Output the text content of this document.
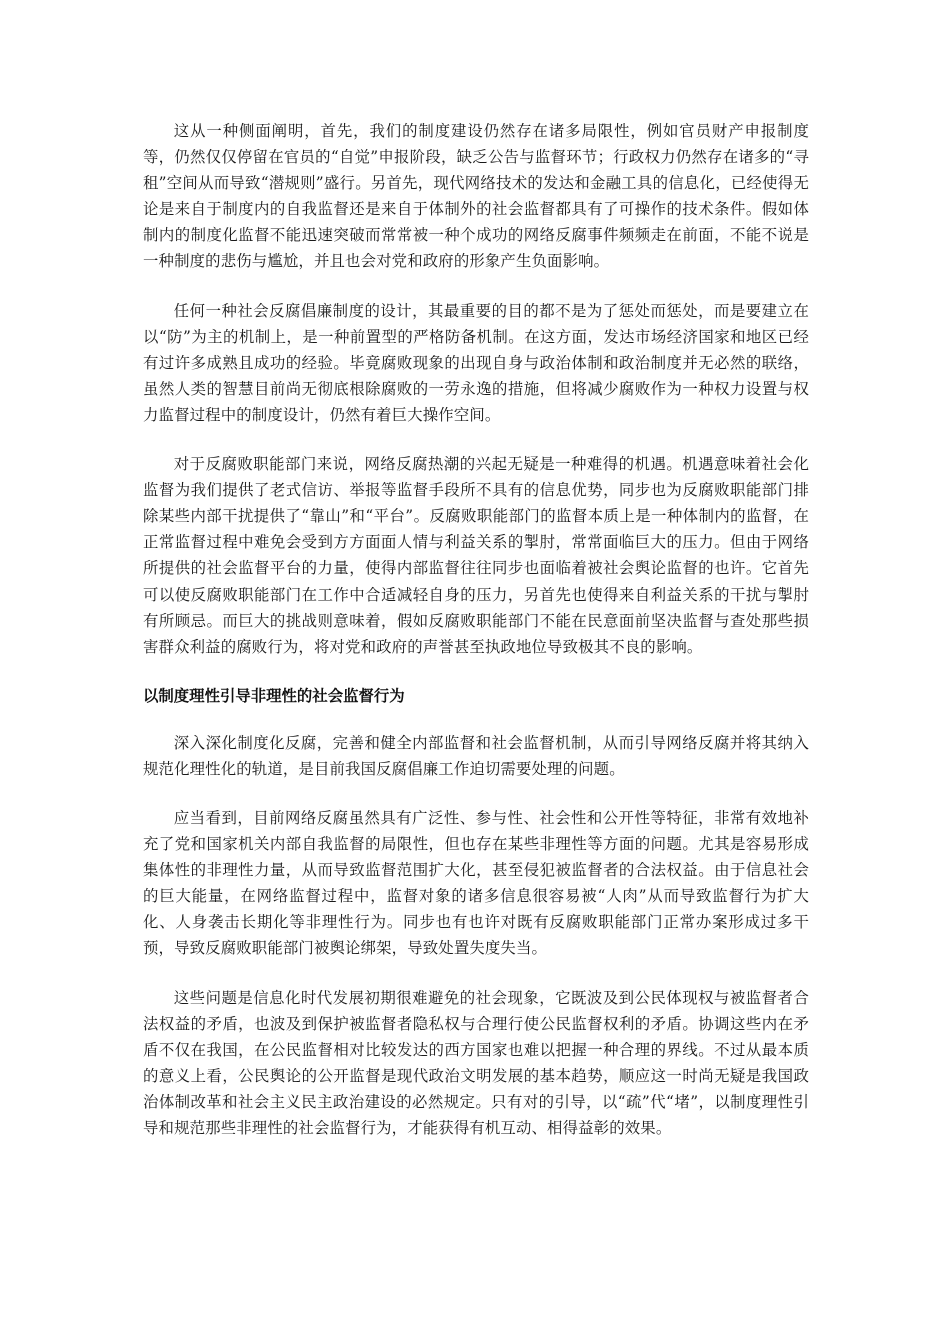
这从一种侧面阐明，首先，我们的制度建设仍然存在诸多局限性，例如官员财产申报制度等，仍然仅仅停留在官员的“自觉”申报阶段，缺乏公告与监督环节；行政权力仍然存在诸多的“寻租”空间从而导致“潜规则”盛行。另首先，现代网络技术的发达和金融工具的信息化，已经使得无论是来自于制度内的自我监督还是来自于体制外的社会监督都具有了可操作的技术条件。假如体制内的制度化监督不能迅速突破而常常被一种个成功的网络反腐事件频频走在前面，不能不说是一种制度的悲伤与尴尬，并且也会对党和政府的形象产生负面影响。

任何一种社会反腐倡廉制度的设计，其最重要的目的都不是为了惩处而惩处，而是要建立在以“防”为主的机制上，是一种前置型的严格防备机制。在这方面，发达市场经济国家和地区已经有过许多成熟且成功的经验。毕竟腐败现象的出现自身与政治体制和政治制度并无必然的联络，虽然人类的智慧目前尚无彻底根除腐败的一劳永逸的措施，但将减少腐败作为一种权力设置与权力监督过程中的制度设计，仍然有着巨大操作空间。

对于反腐败职能部门来说，网络反腐热潮的兴起无疑是一种难得的机遇。机遇意味着社会化监督为我们提供了老式信访、举报等监督手段所不具有的信息优势，同步也为反腐败职能部门排除某些内部干扰提供了“靠山”和“平台”。反腐败职能部门的监督本质上是一种体制内的监督，在正常监督过程中难免会受到方方面面人情与利益关系的掣肘，常常面临巨大的压力。但由于网络所提供的社会监督平台的力量，使得内部监督往往同步也面临着被社会舆论监督的也许。它首先可以使反腐败职能部门在工作中合适减轻自身的压力，另首先也使得来自利益关系的干扰与掣肘有所顾忌。而巨大的挑战则意味着，假如反腐败职能部门不能在民意面前坚决监督与查处那些损害群众利益的腐败行为，将对党和政府的声誉甚至执政地位导致极其不良的影响。

以制度理性引导非理性的社会监督行为

深入深化制度化反腐，完善和健全内部监督和社会监督机制，从而引导网络反腐并将其纳入规范化理性化的轨道，是目前我国反腐倡廉工作迫切需要处理的问题。

应当看到，目前网络反腐虽然具有广泛性、参与性、社会性和公开性等特征，非常有效地补充了党和国家机关内部自我监督的局限性，但也存在某些非理性等方面的问题。尤其是容易形成集体性的非理性力量，从而导致监督范围扩大化，甚至侵犯被监督者的合法权益。由于信息社会的巨大能量，在网络监督过程中，监督对象的诸多信息很容易被“人肉”从而导致监督行为扩大化、人身袭击长期化等非理性行为。同步也有也许对既有反腐败职能部门正常办案形成过多干预，导致反腐败职能部门被舆论绑架，导致处置失度失当。

这些问题是信息化时代发展初期很难避免的社会现象，它既波及到公民体现权与被监督者合法权益的矛盾，也波及到保护被监督者隐私权与合理行使公民监督权利的矛盾。协调这些内在矛盾不仅在我国，在公民监督相对比较发达的西方国家也难以把握一种合理的界线。不过从最本质的意义上看，公民舆论的公开监督是现代政治文明发展的基本趋势，顺应这一时尚无疑是我国政治体制改革和社会主义民主政治建设的必然规定。只有对的引导，以“疏”代“堵”，以制度理性引导和规范那些非理性的社会监督行为，才能获得有机互动、相得益彰的效果。
